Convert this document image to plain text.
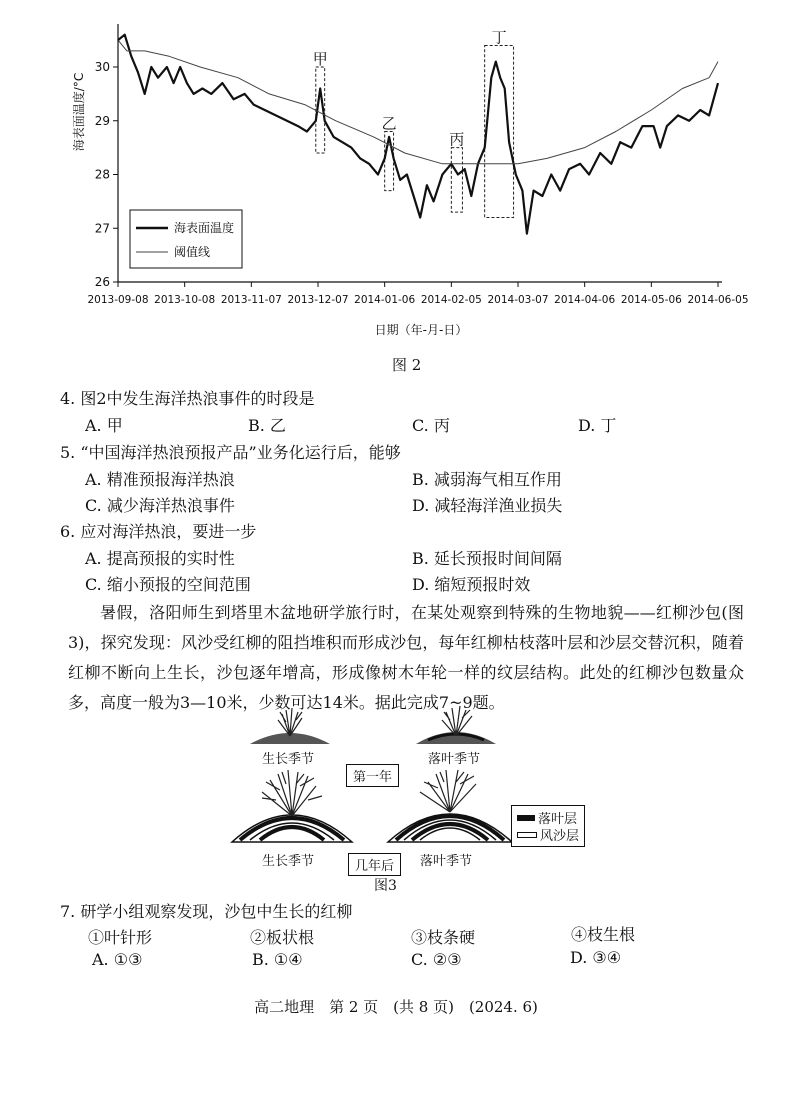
甲
乙
丙
丁
26
27
28
29
30
2013-09-08 2013-10-08 2013-11-07 2013-12-07 2014-01-06 2014-02-05 2014-03-07 2014-04-06 2014-05-06 2014-06-05
海表面温度/°C
日期（年-月-日）
海表面温度
阈值线
图 2
4. 图2中发生海洋热浪事件的时段是
A. 甲	B. 乙	C. 丙	D. 丁
5. “中国海洋热浪预报产品”业务化运行后，能够
A. 精准预报海洋热浪	B. 减弱海气相互作用
C. 减少海洋热浪事件	D. 减轻海洋渔业损失
6. 应对海洋热浪，要进一步
A. 提高预报的实时性	B. 延长预报时间间隔
C. 缩小预报的空间范围	D. 缩短预报时效
暑假，洛阳师生到塔里木盆地研学旅行时，在某处观察到特殊的生物地貌——红柳沙包(图3)，探究发现：风沙受红柳的阻挡堆积而形成沙包，每年红柳枯枝落叶层和沙层交替沉积，随着红柳不断向上生长，沙包逐年增高，形成像树木年轮一样的纹层结构。此处的红柳沙包数量众多，高度一般为3—10米，少数可达14米。据此完成7~9题。
生长季节	落叶季节
第一年
生长季节	落叶季节
几年后
图3
落叶层
风沙层
7. 研学小组观察发现，沙包中生长的红柳
①叶针形	②板状根	③枝条硬	④枝生根
A. ①③	B. ①④	C. ②③	D. ③④
高二地理　第 2 页　(共 8 页)　(2024. 6)
